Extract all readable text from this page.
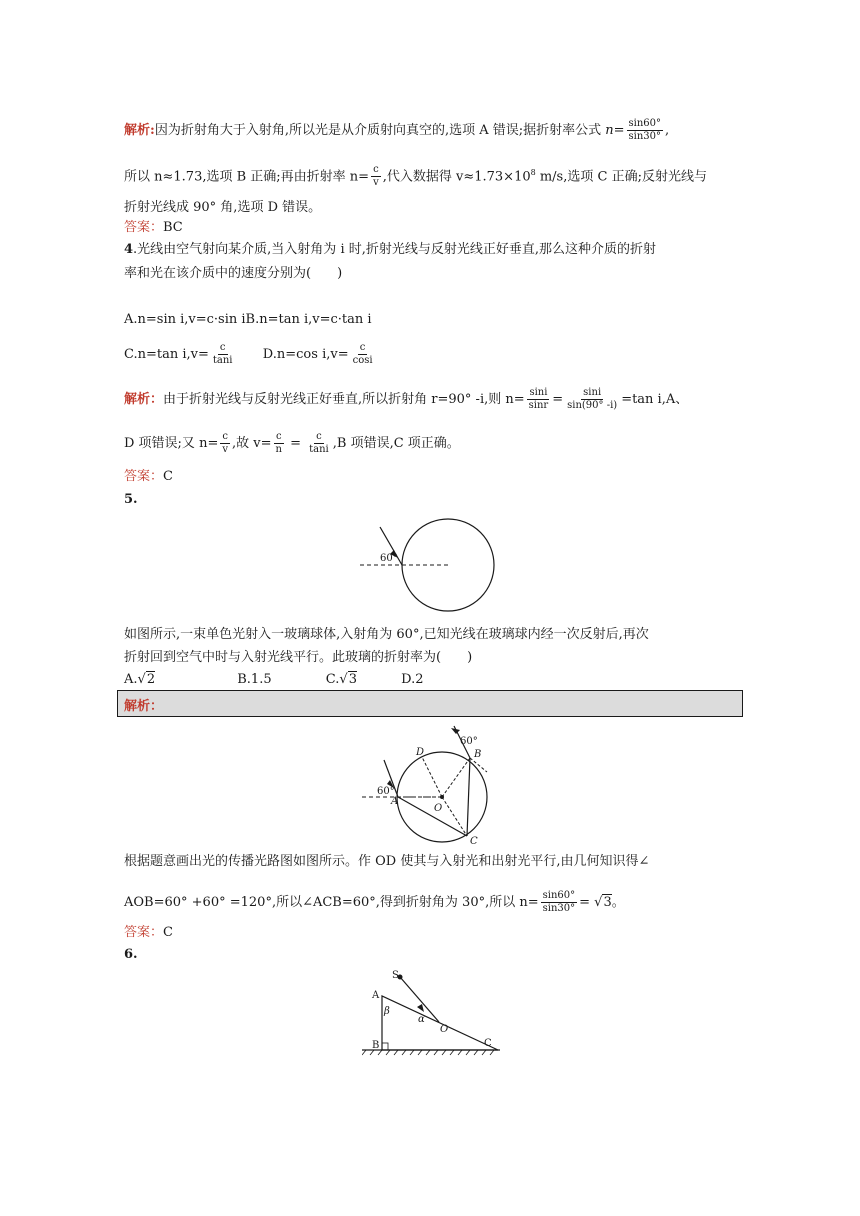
解析:因为折射角大于入射角,所以光是从介质射向真空的,选项 A 错误;据折射率公式 $n= \frac{\sin 60^\circ}{\sin 30^\circ}$ ,
所以 n≈1.73,选项 B 正确;再由折射率 $n= \frac{c}{v}$ ,代入数据得 $v\approx 1.73\times 10^8$ m/s,选项 C 正确;反射光线与
折射光线成 90° 角,选项 D 错误。
答案：BC
4.光线由空气射向某介质,当入射角为 i 时,折射光线与反射光线正好垂直,那么这种介质的折射
率和光在该介质中的速度分别为(　　)
A.n=sin i,v=c·sin iB.n=tan i,v=c·tan i
C.n=tan $i,v= \frac{c}{\tan i} D.n=\cos$ $i,v= \frac{c}{\cos i}$
解析：由于折射光线与反射光线正好垂直,所以折射角 r=90° -i,则 $n= \frac{\sin i}{\sin r} = \frac{\sin i}{\sin(90^\circ -i)} =\tan$ i,A、
D 项错误;又 $n= \frac{c}{v}$ ,故 $v= \frac{c}{n} = \frac{c}{\tan i} ,B$ 项错误,C 项正确。
答案：C
5.
60°
如图所示,一束单色光射入一玻璃球体,入射角为 60°,已知光线在玻璃球内经一次反射后,再次
折射回到空气中时与入射光线平行。此玻璃的折射率为(　　)
A.√2	B.1.5	C.√3	D.2
解析：
A
B
C
D
O
60°
60°
根据题意画出光的传播光路图如图所示。作 OD 使其与入射光和出射光平行,由几何知识得∠
AOB=60° +60° =120°,所以∠ACB=60°,得到折射角为 30°,所以 $n= \frac{\sin 60^\circ}{\sin 30^\circ} = √3$。
答案：C
6.
S
A
B	C
O
α
β
